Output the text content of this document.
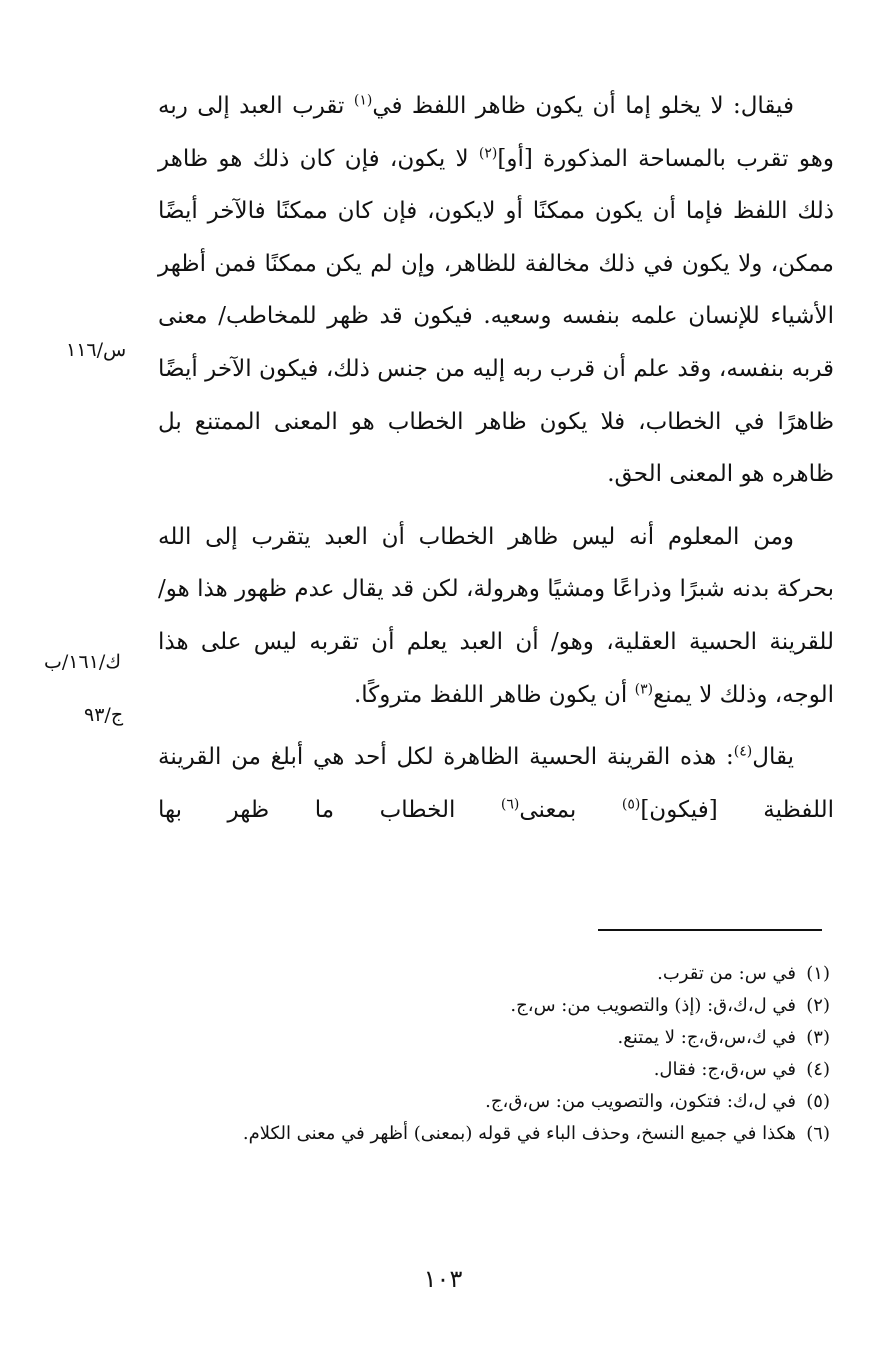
فيقال: لا يخلو إما أن يكون ظاهر اللفظ في$^{(١)}$ تقرب العبد إلى ربه وهو تقرب بالمساحة المذكورة [أو]$^{(٢)}$ لا يكون، فإن كان ذلك هو ظاهر ذلك اللفظ فإما أن يكون ممكنًا أو لايكون، فإن كان ممكنًا فالآخر أيضًا ممكن، ولا يكون في ذلك مخالفة للظاهر، وإن لم يكن ممكنًا فمن أظهر الأشياء للإنسان علمه بنفسه وسعيه. فيكون قد ظهر للمخاطب/ معنى قربه بنفسه، وقد علم أن قرب ربه إليه من جنس ذلك، فيكون الآخر أيضًا ظاهرًا في الخطاب، فلا يكون ظاهر الخطاب هو المعنى الممتنع بل ظاهره هو المعنى الحق.

ومن المعلوم أنه ليس ظاهر الخطاب أن العبد يتقرب إلى الله بحركة بدنه شبرًا وذراعًا ومشيًا وهرولة، لكن قد يقال عدم ظهور هذا هو/ للقرينة الحسية العقلية، وهو/ أن العبد يعلم أن تقربه ليس على هذا الوجه، وذلك لا يمنع$^{(٣)}$ أن يكون ظاهر اللفظ متروكًا.

يقال$^{(٤)}$: هذه القرينة الحسية الظاهرة لكل أحد هي أبلغ من القرينة اللفظية [فيكون]$^{(٥)}$ بمعنى$^{(٦)}$ الخطاب ما ظهر بها

س/١١٦
ك/١٦١/ب
ج/٩٣
(١)في س: من تقرب.
(٢)في ل،ك،ق: (إذ) والتصويب من: س،ج.
(٣)في ك،س،ق،ج: لا يمتنع.
(٤)في س،ق،ج: فقال.
(٥)في ل،ك: فتكون، والتصويب من: س،ق،ج.
(٦)هكذا في جميع النسخ، وحذف الباء في قوله (بمعنى) أظهر في معنى الكلام.
١٠٣
